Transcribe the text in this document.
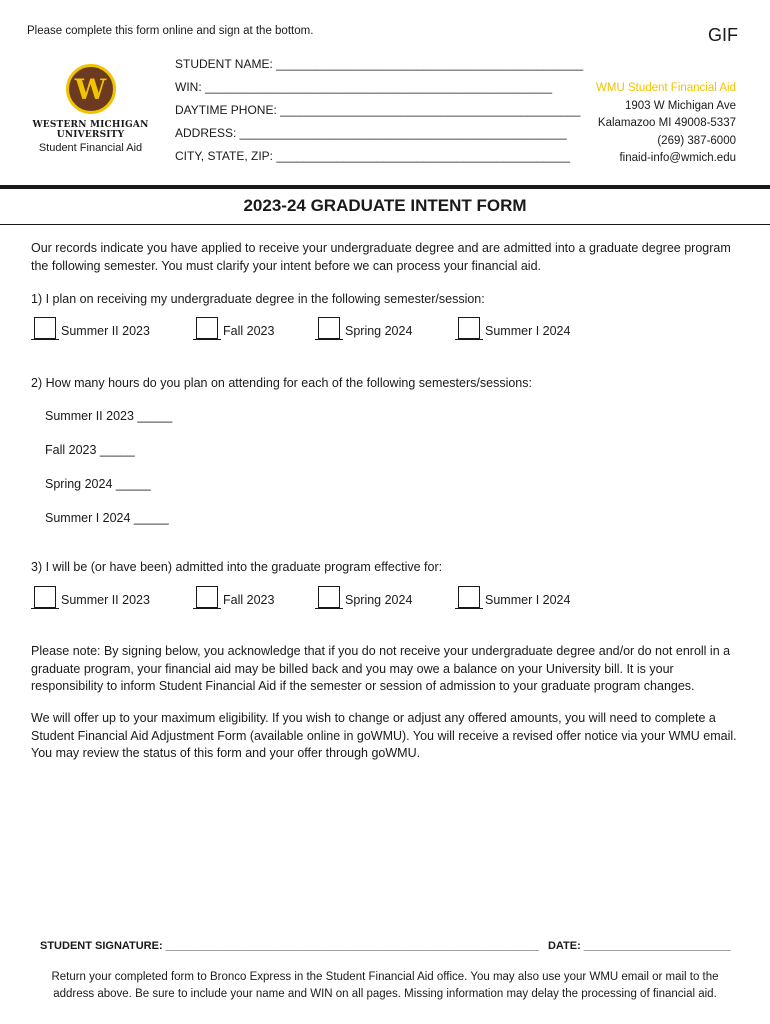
Please complete this form online and sign at the bottom.	GIF
W
WESTERN MICHIGAN UNIVERSITY
Student Financial Aid
STUDENT NAME: ______________________________________________
WIN: ____________________________________________________
DAYTIME PHONE: _____________________________________________
ADDRESS: _________________________________________________
CITY, STATE, ZIP: ____________________________________________
WMU Student Financial Aid
1903 W Michigan Ave
Kalamazoo MI 49008-5337
(269) 387-6000
finaid-info@wmich.edu
2023-24 GRADUATE INTENT FORM
Our records indicate you have applied to receive your undergraduate degree and are admitted into a graduate degree program the following semester. You must clarify your intent before we can process your financial aid.
1) I plan on receiving my undergraduate degree in the following semester/session:
Summer II 2023	Fall 2023	Spring 2024	Summer I 2024
2) How many hours do you plan on attending for each of the following semesters/sessions:
Summer II 2023 _____
Fall 2023 _____
Spring 2024 _____
Summer I 2024 _____
3) I will be (or have been) admitted into the graduate program effective for:
Summer II 2023	Fall 2023	Spring 2024	Summer I 2024
Please note: By signing below, you acknowledge that if you do not receive your undergraduate degree and/or do not enroll in a graduate program, your financial aid may be billed back and you may owe a balance on your University bill. It is your responsibility to inform Student Financial Aid if the semester or session of admission to your graduate program changes.
We will offer up to your maximum eligibility. If you wish to change or adjust any offered amounts, you will need to complete a Student Financial Aid Adjustment Form (available online in goWMU). You will receive a revised offer notice via your WMU email. You may review the status of this form and your offer through goWMU.
STUDENT SIGNATURE: _____________________________________________________________ DATE: ________________________
Return your completed form to Bronco Express in the Student Financial Aid office. You may also use your WMU email or mail to the address above. Be sure to include your name and WIN on all pages. Missing information may delay the processing of financial aid.
